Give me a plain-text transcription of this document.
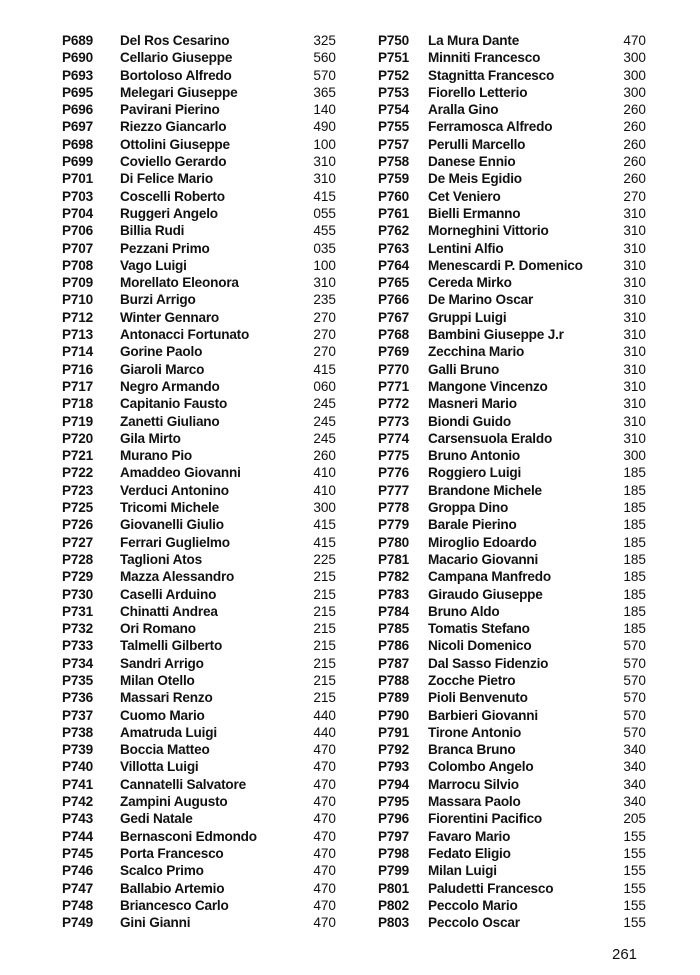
P689 Del Ros Cesarino	325
P690 Cellario Giuseppe	560
P693 Bortoloso Alfredo	570
P695 Melegari Giuseppe	365
P696 Pavirani Pierino	140
P697 Riezzo Giancarlo	490
P698 Ottolini Giuseppe	100
P699 Coviello Gerardo	310
P701 Di Felice Mario	310
P703 Coscelli Roberto	415
P704 Ruggeri Angelo	055
P706 Billia Rudi	455
P707 Pezzani Primo	035
P708 Vago Luigi	100
P709 Morellato Eleonora	310
P710 Burzi Arrigo	235
P712 Winter Gennaro	270
P713 Antonacci Fortunato	270
P714 Gorine Paolo	270
P716 Giaroli Marco	415
P717 Negro Armando	060
P718 Capitanio Fausto	245
P719 Zanetti Giuliano	245
P720 Gila Mirto	245
P721 Murano Pio	260
P722 Amaddeo Giovanni	410
P723 Verduci Antonino	410
P725 Tricomi Michele	300
P726 Giovanelli Giulio	415
P727 Ferrari Guglielmo	415
P728 Taglioni Atos	225
P729 Mazza Alessandro	215
P730 Caselli Arduino	215
P731 Chinatti Andrea	215
P732 Ori Romano	215
P733 Talmelli Gilberto	215
P734 Sandri Arrigo	215
P735 Milan Otello	215
P736 Massari Renzo	215
P737 Cuomo Mario	440
P738 Amatruda Luigi	440
P739 Boccia Matteo	470
P740 Villotta Luigi	470
P741 Cannatelli Salvatore	470
P742 Zampini Augusto	470
P743 Gedi Natale	470
P744 Bernasconi Edmondo	470
P745 Porta Francesco	470
P746 Scalco Primo	470
P747 Ballabio Artemio	470
P748 Briancesco Carlo	470
P749 Gini Gianni	470
P750 La Mura Dante	470
P751 Minniti Francesco	300
P752 Stagnitta Francesco	300
P753 Fiorello Letterio	300
P754 Aralla Gino	260
P755 Ferramosca Alfredo	260
P757 Perulli Marcello	260
P758 Danese Ennio	260
P759 De Meis Egidio	260
P760 Cet Veniero	270
P761 Bielli Ermanno	310
P762 Morneghini Vittorio	310
P763 Lentini Alfio	310
P764 Menescardi P. Domenico	310
P765 Cereda Mirko	310
P766 De Marino Oscar	310
P767 Gruppi Luigi	310
P768 Bambini Giuseppe J.r	310
P769 Zecchina Mario	310
P770 Galli Bruno	310
P771 Mangone Vincenzo	310
P772 Masneri Mario	310
P773 Biondi Guido	310
P774 Carsensuola Eraldo	310
P775 Bruno Antonio	300
P776 Roggiero Luigi	185
P777 Brandone Michele	185
P778 Groppa Dino	185
P779 Barale Pierino	185
P780 Miroglio Edoardo	185
P781 Macario Giovanni	185
P782 Campana Manfredo	185
P783 Giraudo Giuseppe	185
P784 Bruno Aldo	185
P785 Tomatis Stefano	185
P786 Nicoli Domenico	570
P787 Dal Sasso Fidenzio	570
P788 Zocche Pietro	570
P789 Pioli Benvenuto	570
P790 Barbieri Giovanni	570
P791 Tirone Antonio	570
P792 Branca Bruno	340
P793 Colombo Angelo	340
P794 Marrocu Silvio	340
P795 Massara Paolo	340
P796 Fiorentini Pacifico	205
P797 Favaro Mario	155
P798 Fedato Eligio	155
P799 Milan Luigi	155
P801 Paludetti Francesco	155
P802 Peccolo Mario	155
P803 Peccolo Oscar	155
261
